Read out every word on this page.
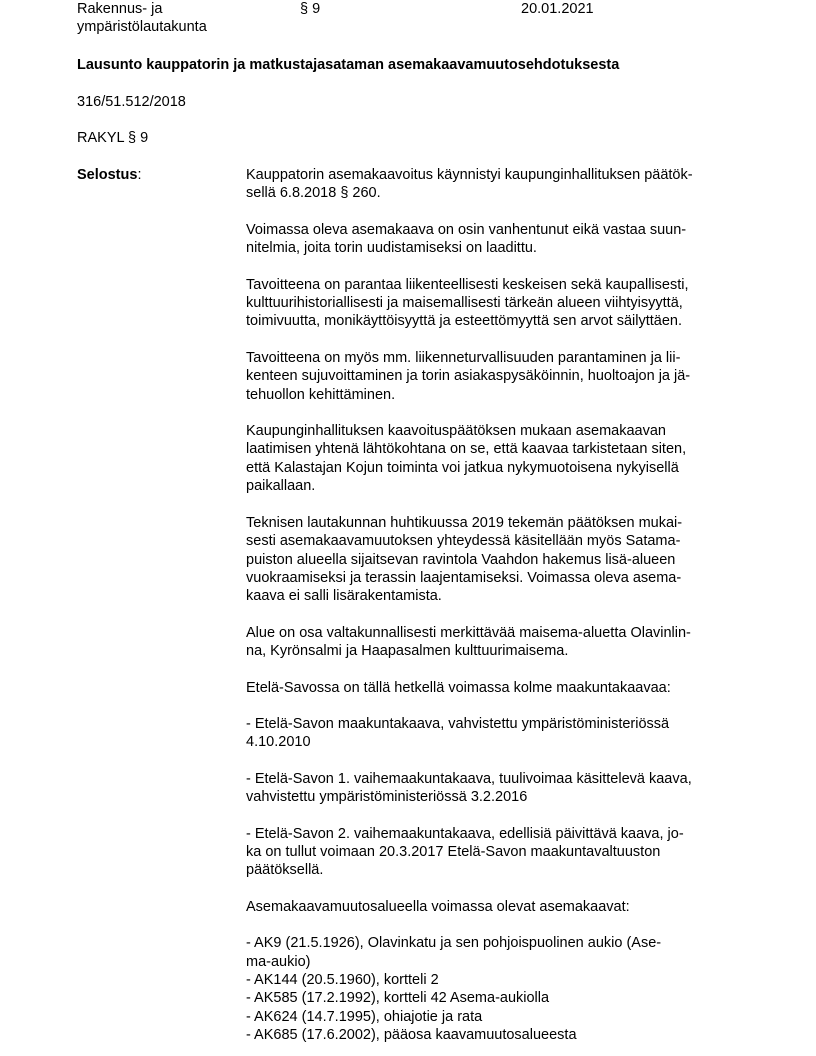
Rakennus- ja
ympäristölautakunta
§ 9	20.01.2021
Lausunto kauppatorin ja matkustajasataman asemakaavamuutosehdotuksesta
316/51.512/2018
RAKYL § 9
Selostus:	Kauppatorin asemakaavoitus käynnistyi kaupunginhallituksen päätök-
sellä 6.8.2018 § 260.

Voimassa oleva asemakaava on osin vanhentunut eikä vastaa suun-
nitelmia, joita torin uudistamiseksi on laadittu.

Tavoitteena on parantaa liikenteellisesti keskeisen sekä kaupallisesti,
kulttuurihistoriallisesti ja maisemallisesti tärkeän alueen viihtyisyyttä,
toimivuutta, monikäyttöisyyttä ja esteettömyyttä sen arvot säilyttäen.

Tavoitteena on myös mm. liikenneturvallisuuden parantaminen ja lii-
kenteen sujuvoittaminen ja torin asiakaspysäköinnin, huoltoajon ja jä-
tehuollon kehittäminen.

Kaupunginhallituksen kaavoituspäätöksen mukaan asemakaavan
laatimisen yhtenä lähtökohtana on se, että kaavaa tarkistetaan siten,
että Kalastajan Kojun toiminta voi jatkua nykymuotoisena nykyisellä
paikallaan.

Teknisen lautakunnan huhtikuussa 2019 tekemän päätöksen mukai-
sesti asemakaavamuutoksen yhteydessä käsitellään myös Satama-
puiston alueella sijaitsevan ravintola Vaahdon hakemus lisä-alueen
vuokraamiseksi ja terassin laajentamiseksi. Voimassa oleva asema-
kaava ei salli lisärakentamista.

Alue on osa valtakunnallisesti merkittävää maisema-aluetta Olavinlin-
na, Kyrönsalmi ja Haapasalmen kulttuurimaisema.

Etelä-Savossa on tällä hetkellä voimassa kolme maakuntakaavaa:

- Etelä-Savon maakuntakaava, vahvistettu ympäristöministeriössä
4.10.2010

- Etelä-Savon 1. vaihemaakuntakaava, tuulivoimaa käsittelevä kaava,
vahvistettu ympäristöministeriössä 3.2.2016

- Etelä-Savon 2. vaihemaakuntakaava, edellisiä päivittävä kaava, jo-
ka on tullut voimaan 20.3.2017 Etelä-Savon maakuntavaltuuston
päätöksellä.

Asemakaavamuutosalueella voimassa olevat asemakaavat:

- AK9 (21.5.1926), Olavinkatu ja sen pohjoispuolinen aukio (Ase-
ma-aukio)
- AK144 (20.5.1960), kortteli 2
- AK585 (17.2.1992), kortteli 42 Asema-aukiolla
- AK624 (14.7.1995), ohiajotie ja rata
- AK685 (17.6.2002), pääosa kaavamuutosalueesta
